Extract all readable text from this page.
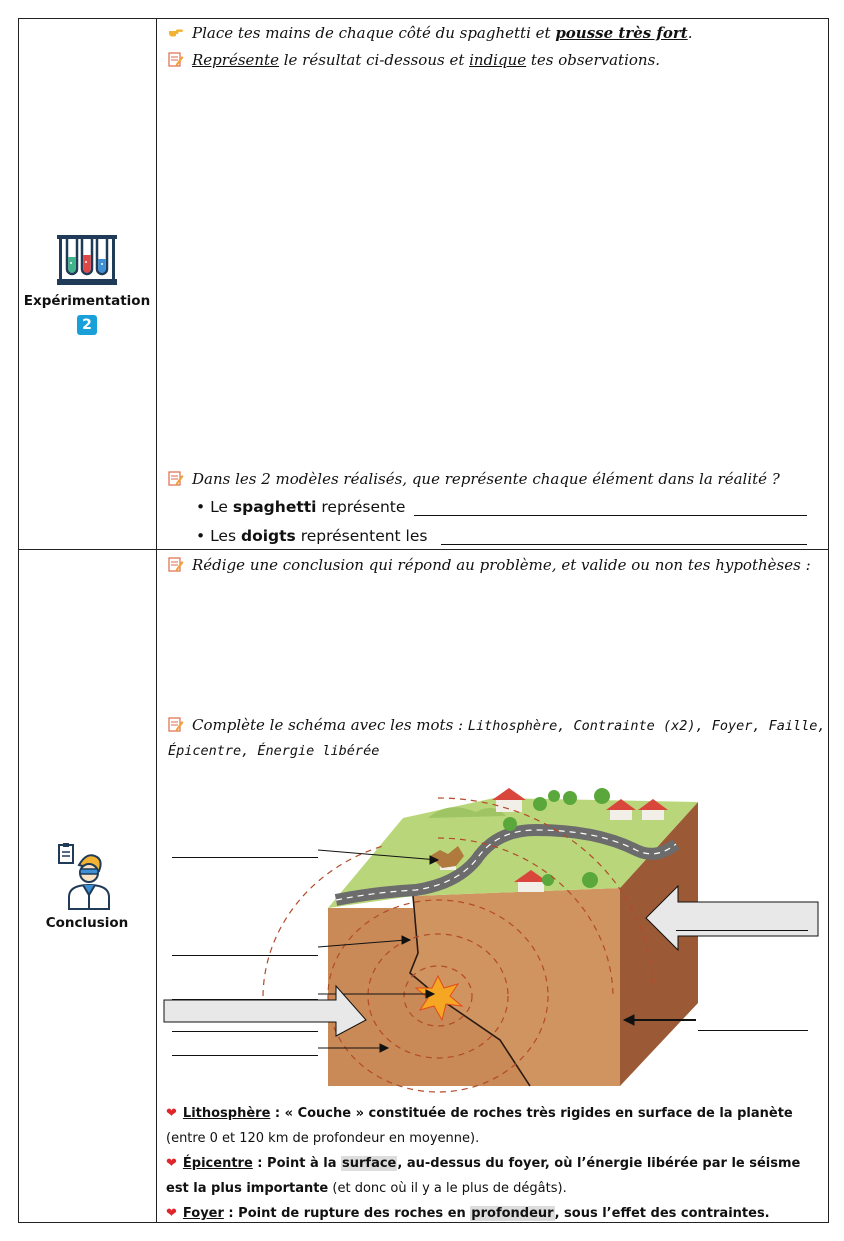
Expérimentation
2
Place tes mains de chaque côté du spaghetti et pousse très fort.
Représente le résultat ci-dessous et indique tes observations.
Dans les 2 modèles réalisés, que représente chaque élément dans la réalité ?
• Le spaghetti représente
• Les doigts représentent les
Conclusion
Rédige une conclusion qui répond au problème, et valide ou non tes hypothèses :
Complète le schéma avec les mots : Lithosphère, Contrainte (x2), Foyer, Faille,
Épicentre, Énergie libérée
❤ Lithosphère : « Couche » constituée de roches très rigides en surface de la planète (entre 0 et 120 km de profondeur en moyenne).
❤ Épicentre : Point à la surface, au-dessus du foyer, où l’énergie libérée par le séisme est la plus importante (et donc où il y a le plus de dégâts).
❤ Foyer : Point de rupture des roches en profondeur, sous l’effet des contraintes.
